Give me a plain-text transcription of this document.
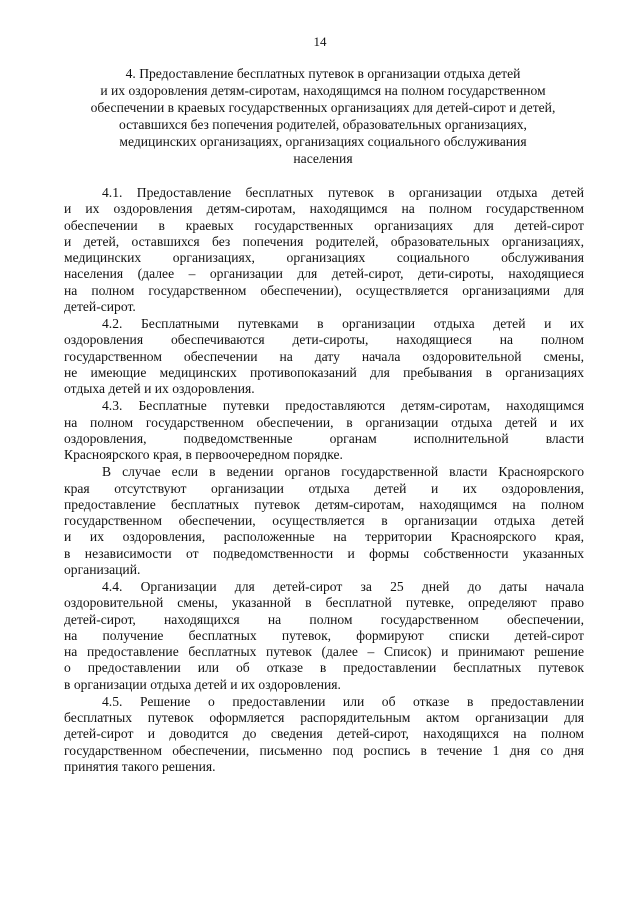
14
4. Предоставление бесплатных путевок в организации отдыха детей
и их оздоровления детям-сиротам, находящимся на полном государственном
обеспечении в краевых государственных организациях для детей-сирот и детей,
оставшихся без попечения родителей, образовательных организациях,
медицинских организациях, организациях социального обслуживания
населения
4.1. Предоставление бесплатных путевок в организации отдыха детей
и их оздоровления детям-сиротам, находящимся на полном государственном
обеспечении в краевых государственных организациях для детей-сирот
и детей, оставшихся без попечения родителей, образовательных организациях,
медицинских организациях, организациях социального обслуживания
населения (далее – организации для детей-сирот, дети-сироты, находящиеся
на полном государственном обеспечении), осуществляется организациями для
детей-сирот.
4.2. Бесплатными путевками в организации отдыха детей и их
оздоровления обеспечиваются дети-сироты, находящиеся на полном
государственном обеспечении на дату начала оздоровительной смены,
не имеющие медицинских противопоказаний для пребывания в организациях
отдыха детей и их оздоровления.
4.3. Бесплатные путевки предоставляются детям-сиротам, находящимся
на полном государственном обеспечении, в организации отдыха детей и их
оздоровления, подведомственные органам исполнительной власти
Красноярского края, в первоочередном порядке.
В случае если в ведении органов государственной власти Красноярского
края отсутствуют организации отдыха детей и их оздоровления,
предоставление бесплатных путевок детям-сиротам, находящимся на полном
государственном обеспечении, осуществляется в организации отдыха детей
и их оздоровления, расположенные на территории Красноярского края,
в независимости от подведомственности и формы собственности указанных
организаций.
4.4. Организации для детей-сирот за 25 дней до даты начала
оздоровительной смены, указанной в бесплатной путевке, определяют право
детей-сирот, находящихся на полном государственном обеспечении,
на получение бесплатных путевок, формируют списки детей-сирот
на предоставление бесплатных путевок (далее – Список) и принимают решение
о предоставлении или об отказе в предоставлении бесплатных путевок
в организации отдыха детей и их оздоровления.
4.5. Решение о предоставлении или об отказе в предоставлении
бесплатных путевок оформляется распорядительным актом организации для
детей-сирот и доводится до сведения детей-сирот, находящихся на полном
государственном обеспечении, письменно под роспись в течение 1 дня со дня
принятия такого решения.
